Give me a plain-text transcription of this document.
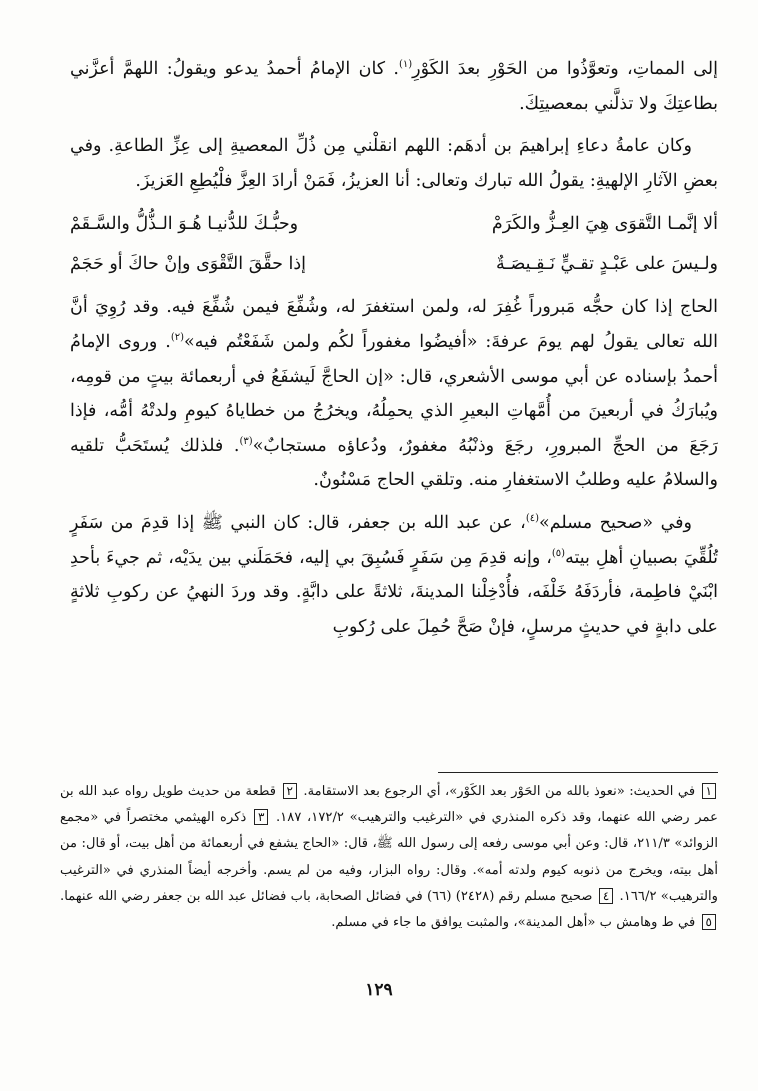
إلى المماتِ، وتعوَّذُوا من الحَوْرِ بعدَ الكَوْرِ$^{(١)}$. كان الإمامُ أحمدُ يدعو ويقولُ: اللهمَّ أعزَّني بطاعتِكَ ولا تذلَّني بمعصيتِكَ.

وكان عامةُ دعاءِ إبراهيمَ بن أدهَم: اللهم انقلْني مِن ذُلِّ المعصيةِ إلى عِزِّ الطاعةِ. وفي بعضِ الآثارِ الإلهيةِ: يقولُ الله تبارك وتعالى: أنا العزيزُ، فَمَنْ أرادَ العِزَّ فلْيُطِعِ العَزيزَ.

ألا إنَّمـا التَّقوَى هِيَ العِـزُّ والكَرَمْ
وحبُّـكَ للدُّنيـا هُـوَ الـذُّلُّ والسَّـقَمْ
ولـيسَ على عَبْـدٍ تقـيٍّ نَـقِـيصَـةٌ
إذا حقَّقَ التَّقْوَى وإنْ حاكَ أو حَجَمْ

الحاج إذا كان حجُّه مَبروراً غُفِرَ له، ولمن استغفرَ له، وشُفِّعَ فيمن شُفِّعَ فيه. وقد رُوِيَ أنَّ الله تعالى يقولُ لهم يومَ عرفةَ: «أفيضُوا مغفوراً لكُم ولمن شَفَعْتُم فيه»$^{(٢)}$. وروى الإمامُ أحمدُ بإسناده عن أبي موسى الأشعري، قال: «إن الحاجَّ لَيشفَعُ في أربعمائة بيتٍ من قومِه، ويُبارَكُ في أربعينَ من أُمَّهاتِ البعيرِ الذي يحمِلُهُ، ويخرُجُ من خطاياهُ كيومِ ولدتْهُ أمُّه، فإذا رَجَعَ من الحجِّ المبرورِ، رجَعَ وذنْبُهُ مغفورٌ، ودُعاؤه مستجابٌ»$^{(٣)}$. فلذلك يُستَحَبُّ تلقيه والسلامُ عليه وطلبُ الاستغفارِ منه. وتلقي الحاج مَسْنُونٌ.

وفي «صحيح مسلم»$^{(٤)}$، عن عبد الله بن جعفر، قال: كان النبي ﷺ إذا قدِمَ من سَفَرٍ تُلُقِّيَ بصبيانِ أهلِ بيته$^{(٥)}$، وإنه قدِمَ مِن سَفَرٍ فَسُبِقَ بي إليه، فحَمَلَني بين يدَيْه، ثم جيءَ بأحدِ ابْنَيْ فاطِمة، فأردَفَهُ خَلْفَه، فأُدْخِلْنا المدينةَ، ثلاثةً على دابَّةٍ. وقد وردَ النهيُ عن ركوبِ ثلاثةٍ على دابةٍ في حديثٍ مرسلٍ، فإنْ صَحَّ حُمِلَ على رُكوبِ

١ في الحديث: «نعوذ بالله من الحَوْر بعد الكَوْر»، أي الرجوع بعد الاستقامة. ٢ قطعة من حديث طويل رواه عبد الله بن عمر رضي الله عنهما، وقد ذكره المنذري في «الترغيب والترهيب» ١٧٢/٢، ١٨٧. ٣ ذكره الهيثمي مختصراً في «مجمع الزوائد» ٢١١/٣، قال: وعن أبي موسى رفعه إلى رسول الله ﷺ، قال: «الحاج يشفع في أربعمائة من أهل بيت، أو قال: من أهل بيته، ويخرج من ذنوبه كيوم ولدته أمه». وقال: رواه البزار، وفيه من لم يسم. وأخرجه أيضاً المنذري في «الترغيب والترهيب» ١٦٦/٢. ٤ صحيح مسلم رقم (٢٤٢٨) (٦٦) في فضائل الصحابة، باب فضائل عبد الله بن جعفر رضي الله عنهما. ٥ في ط وهامش ب «أهل المدينة»، والمثبت يوافق ما جاء في مسلم.

١٢٩
